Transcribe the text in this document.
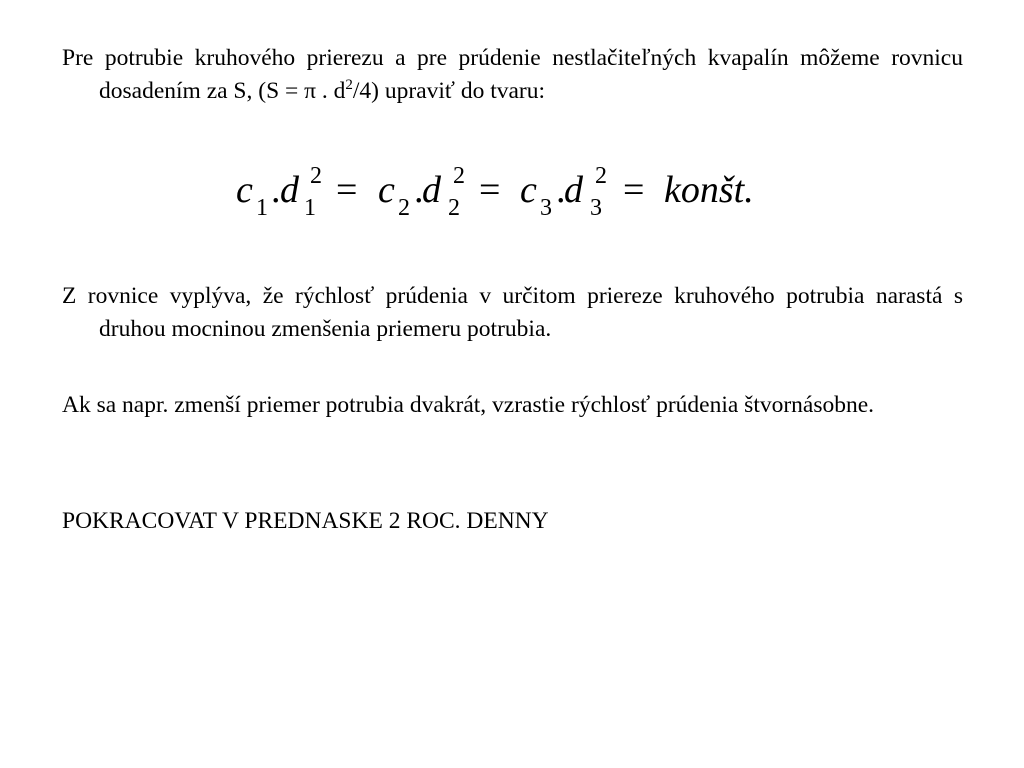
Pre potrubie kruhového prierezu a pre prúdenie nestlačiteľných kvapalín môžeme rovnicu dosadením za S, (S = π . $d^2/4$) upraviť do tvaru:

c 1 . d 2
1 = c 2 .
d 2
2 = c 3 .
d 2
3 = konšt.

Z rovnice vyplýva, že rýchlosť prúdenia v určitom priereze kruhového potrubia narastá s druhou mocninou zmenšenia priemeru potrubia.

Ak sa napr. zmenší priemer potrubia dvakrát, vzrastie rýchlosť prúdenia štvornásobne.

POKRACOVAT V PREDNASKE 2 ROC. DENNY
